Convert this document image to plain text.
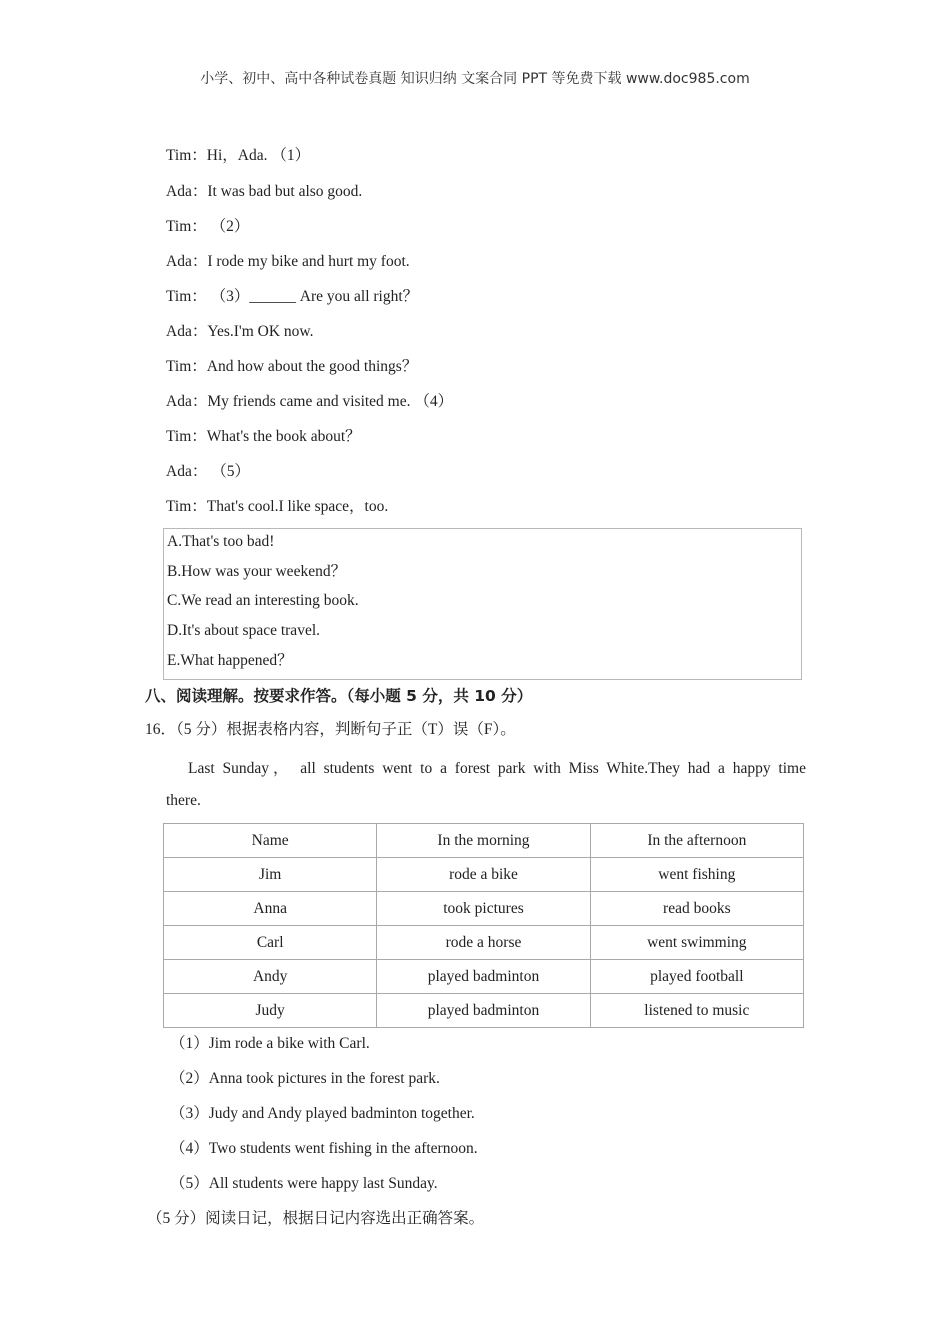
小学、初中、高中各种试卷真题 知识归纳 文案合同 PPT 等免费下载 www.doc985.com
Tim：Hi，Ada. （1）
Ada：It was bad but also good.
Tim： （2）
Ada：I rode my bike and hurt my foot.
Tim： （3）______ Are you all right？
Ada：Yes.I'm OK now.
Tim：And how about the good things？
Ada：My friends came and visited me. （4）
Tim：What's the book about？
Ada： （5）
Tim：That's cool.I like space，too.
A.That's too bad!
B.How was your weekend？
C.We read an interesting book.
D.It's about space travel.
E.What happened？
八、阅读理解。按要求作答。（每小题 5 分，共 10 分）
16．（5 分）根据表格内容，判断句子正（T）误（F）。
Last Sunday， all students went to a forest park with Miss White.They had a happy time
there.
Name	In the morning	In the afternoon
Jim	rode a bike	went fishing
Anna	took pictures	read books
Carl	rode a horse	went swimming
Andy	played badminton	played football
Judy	played badminton	listened to music
（1）Jim rode a bike with Carl.
（2）Anna took pictures in the forest park.
（3）Judy and Andy played badminton together.
（4）Two students went fishing in the afternoon.
（5）All students were happy last Sunday.
（5 分）阅读日记，根据日记内容选出正确答案。
